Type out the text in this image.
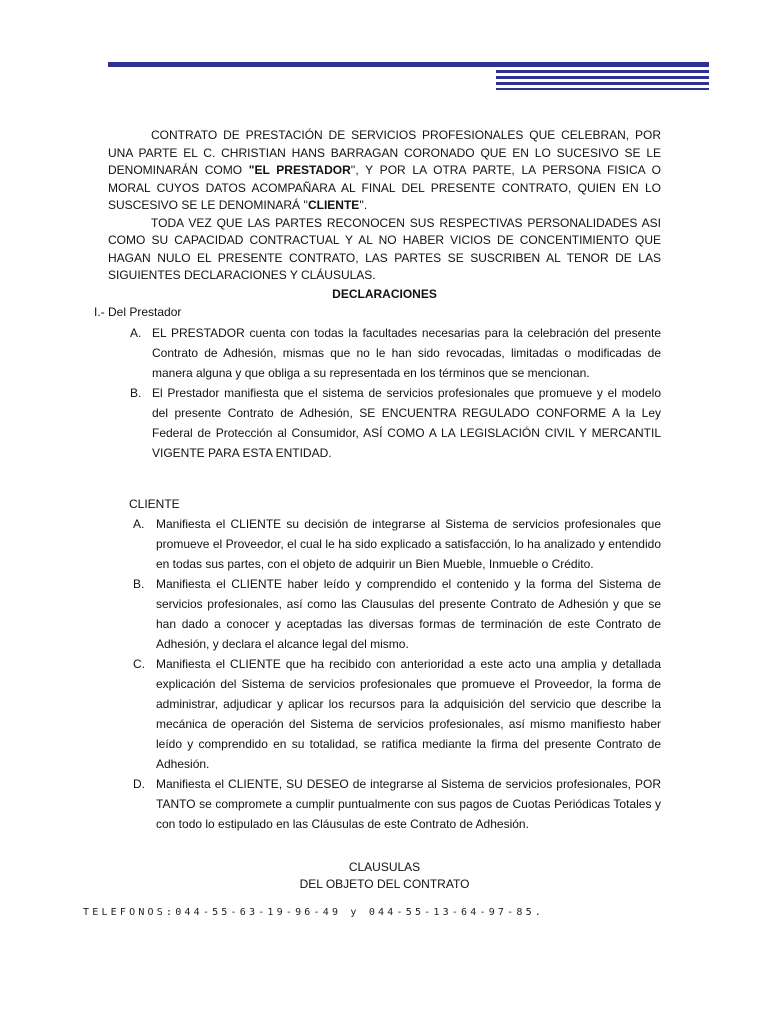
CONTRATO DE PRESTACIÓN DE SERVICIOS PROFESIONALES QUE CELEBRAN, POR UNA PARTE EL C. CHRISTIAN HANS BARRAGAN CORONADO QUE EN LO SUCESIVO SE LE DENOMINARÁN COMO "EL PRESTADOR'', Y POR LA OTRA PARTE, LA PERSONA FISICA O MORAL CUYOS DATOS ACOMPAÑARA AL FINAL DEL PRESENTE CONTRATO, QUIEN EN LO SUSCESIVO SE LE DENOMINARÁ ''CLIENTE''.

TODA VEZ QUE LAS PARTES RECONOCEN SUS RESPECTIVAS PERSONALIDADES ASI COMO SU CAPACIDAD CONTRACTUAL Y AL NO HABER VICIOS DE CONCENTIMIENTO QUE HAGAN NULO EL PRESENTE CONTRATO, LAS PARTES SE SUSCRIBEN AL TENOR DE LAS SIGUIENTES DECLARACIONES Y CLÁUSULAS.

DECLARACIONES

I.- Del Prestador

A. EL PRESTADOR cuenta con todas la facultades necesarias para la celebración del presente Contrato de Adhesión, mismas que no le han sido revocadas, limitadas o modificadas de manera alguna y que obliga a su representada en los términos que se mencionan.
B. El Prestador manifiesta que el sistema de servicios profesionales que promueve y el modelo del presente Contrato de Adhesión, SE ENCUENTRA REGULADO CONFORME A la Ley Federal de Protección al Consumidor, ASÍ COMO A LA LEGISLACIÓN CIVIL Y MERCANTIL VIGENTE PARA ESTA ENTIDAD.

CLIENTE

A. Manifiesta el CLIENTE su decisión de integrarse al Sistema de servicios profesionales que promueve el Proveedor, el cual le ha sido explicado a satisfacción, lo ha analizado y entendido en todas sus partes, con el objeto de adquirir un Bien Mueble, Inmueble o Crédito.
B. Manifiesta el CLIENTE haber leído y comprendido el contenido y la forma del Sistema de servicios profesionales, así como las Clausulas del presente Contrato de Adhesión y que se han dado a conocer y aceptadas las diversas formas de terminación de este Contrato de Adhesión, y declara el alcance legal del mismo.
C. Manifiesta el CLIENTE que ha recibido con anterioridad a este acto una amplia y detallada explicación del Sistema de servicios profesionales que promueve el Proveedor, la forma de administrar, adjudicar y aplicar los recursos para la adquisición del servicio que describe la mecánica de operación del Sistema de servicios profesionales, así mismo manifiesto haber leído y comprendido en su totalidad, se ratifica mediante la firma del presente Contrato de Adhesión.
D. Manifiesta el CLIENTE, SU DESEO de integrarse al Sistema de servicios profesionales, POR TANTO se compromete a cumplir puntualmente con sus pagos de Cuotas Periódicas Totales y con todo lo estipulado en las Cláusulas de este Contrato de Adhesión.

CLAUSULAS

DEL OBJETO DEL CONTRATO

TELEFONOS:044-55-63-19-96-49 y 044-55-13-64-97-85.
